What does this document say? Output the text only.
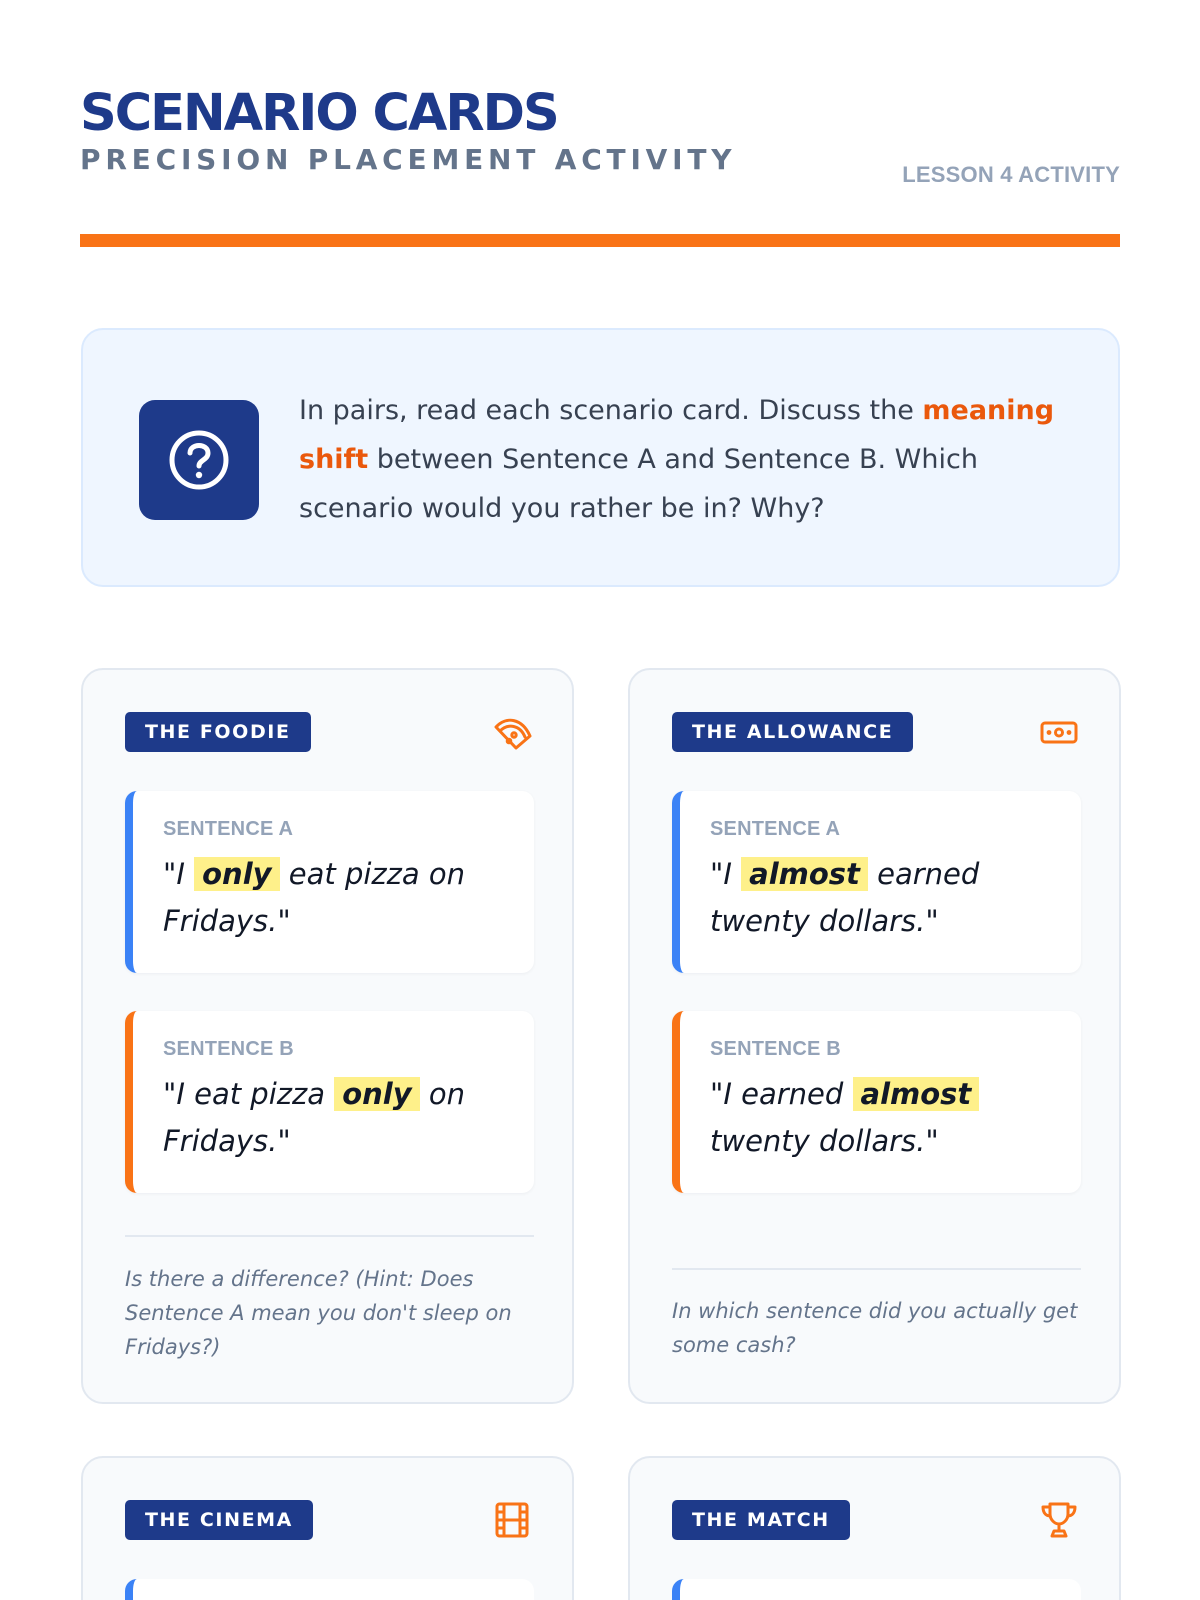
SCENARIO CARDS
PRECISION PLACEMENT ACTIVITY	LESSON 4 ACTIVITY
In pairs, read each scenario card. Discuss the meaning shift between Sentence A and Sentence B. Which scenario would you rather be in? Why?
THE FOODIE
SENTENCE A
"I only eat pizza on Fridays."
SENTENCE B
"I eat pizza only on Fridays."
Is there a difference? (Hint: Does Sentence A mean you don't sleep on Fridays?)
THE ALLOWANCE
SENTENCE A
"I almost earned twenty dollars."
SENTENCE B
"I earned almost twenty dollars."
In which sentence did you actually get some cash?
THE CINEMA	THE MATCH
